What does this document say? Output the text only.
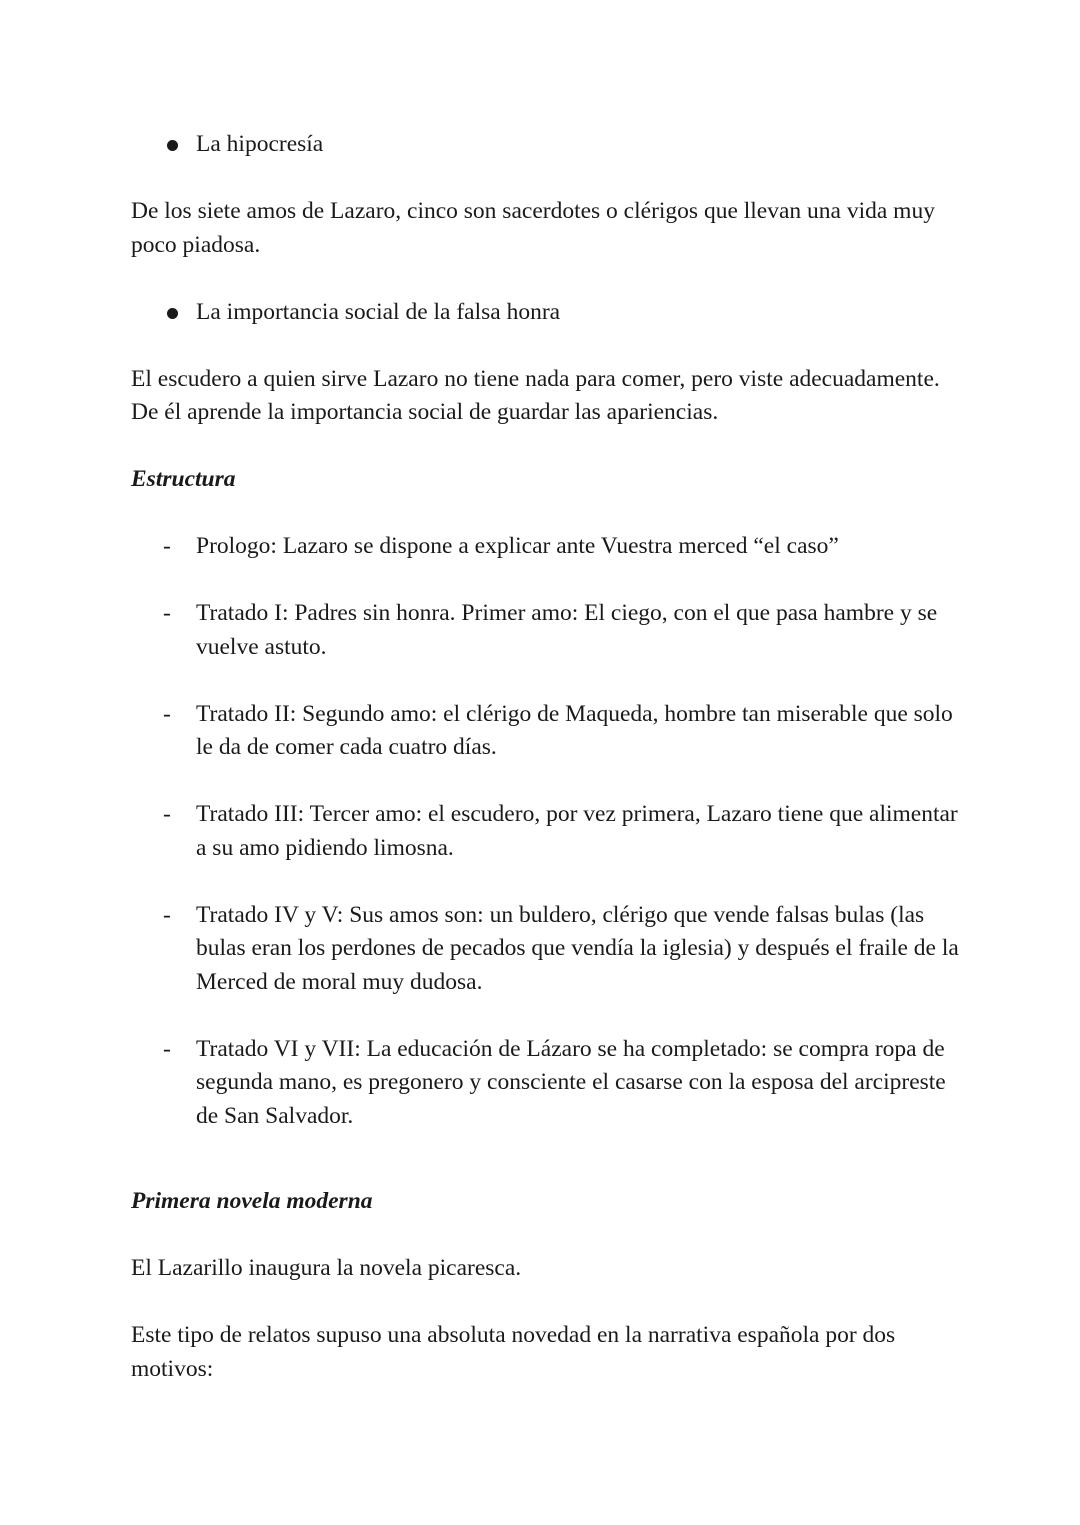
La hipocresía

De los siete amos de Lazaro, cinco son sacerdotes o clérigos que llevan una vida muy poco piadosa.

La importancia social de la falsa honra

El escudero a quien sirve Lazaro no tiene nada para comer, pero viste adecuadamente. De él aprende la importancia social de guardar las apariencias.

Estructura

- Prologo: Lazaro se dispone a explicar ante Vuestra merced “el caso”
- Tratado I: Padres sin honra. Primer amo: El ciego, con el que pasa hambre y se vuelve astuto.
- Tratado II: Segundo amo: el clérigo de Maqueda, hombre tan miserable que solo le da de comer cada cuatro días.
- Tratado III: Tercer amo: el escudero, por vez primera, Lazaro tiene que alimentar a su amo pidiendo limosna.
- Tratado IV y V: Sus amos son: un buldero, clérigo que vende falsas bulas (las bulas eran los perdones de pecados que vendía la iglesia) y después el fraile de la Merced de moral muy dudosa.
- Tratado VI y VII: La educación de Lázaro se ha completado: se compra ropa de segunda mano, es pregonero y consciente el casarse con la esposa del arcipreste de San Salvador.

Primera novela moderna

El Lazarillo inaugura la novela picaresca.

Este tipo de relatos supuso una absoluta novedad en la narrativa española por dos motivos:
